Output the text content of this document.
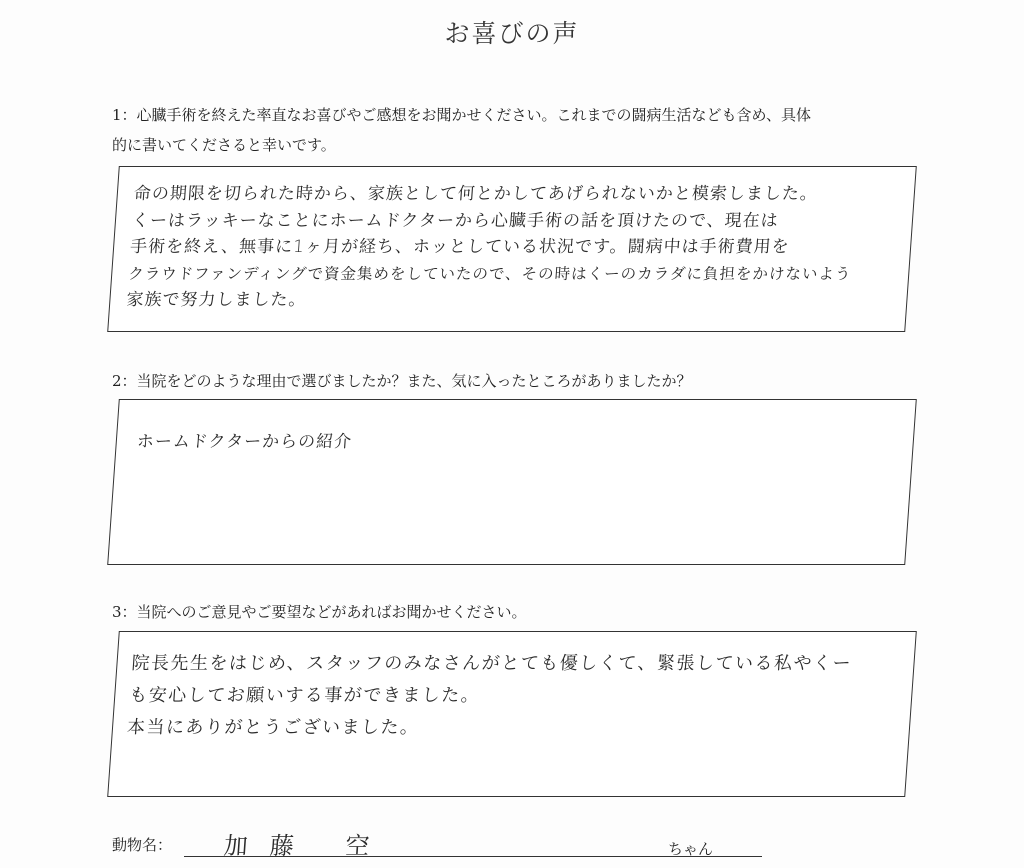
お喜びの声
1：心臓手術を終えた率直なお喜びやご感想をお聞かせください。これまでの闘病生活なども含め、具体
的に書いてくださると幸いです。
命の期限を切られた時から、家族として何とかしてあげられないかと模索しました。
くーはラッキーなことにホームドクターから心臓手術の話を頂けたので、現在は
手術を終え、無事に1ヶ月が経ち、ホッとしている状況です。闘病中は手術費用を
クラウドファンディングで資金集めをしていたので、その時はくーのカラダに負担をかけないよう
家族で努力しました。
2：当院をどのような理由で選びましたか？また、気に入ったところがありましたか？
ホームドクターからの紹介
3：当院へのご意見やご要望などがあればお聞かせください。
院長先生をはじめ、スタッフのみなさんがとても優しくて、緊張している私やくー
も安心してお願いする事ができました。
本当にありがとうございました。
動物名： 加藤 空	ちゃん
